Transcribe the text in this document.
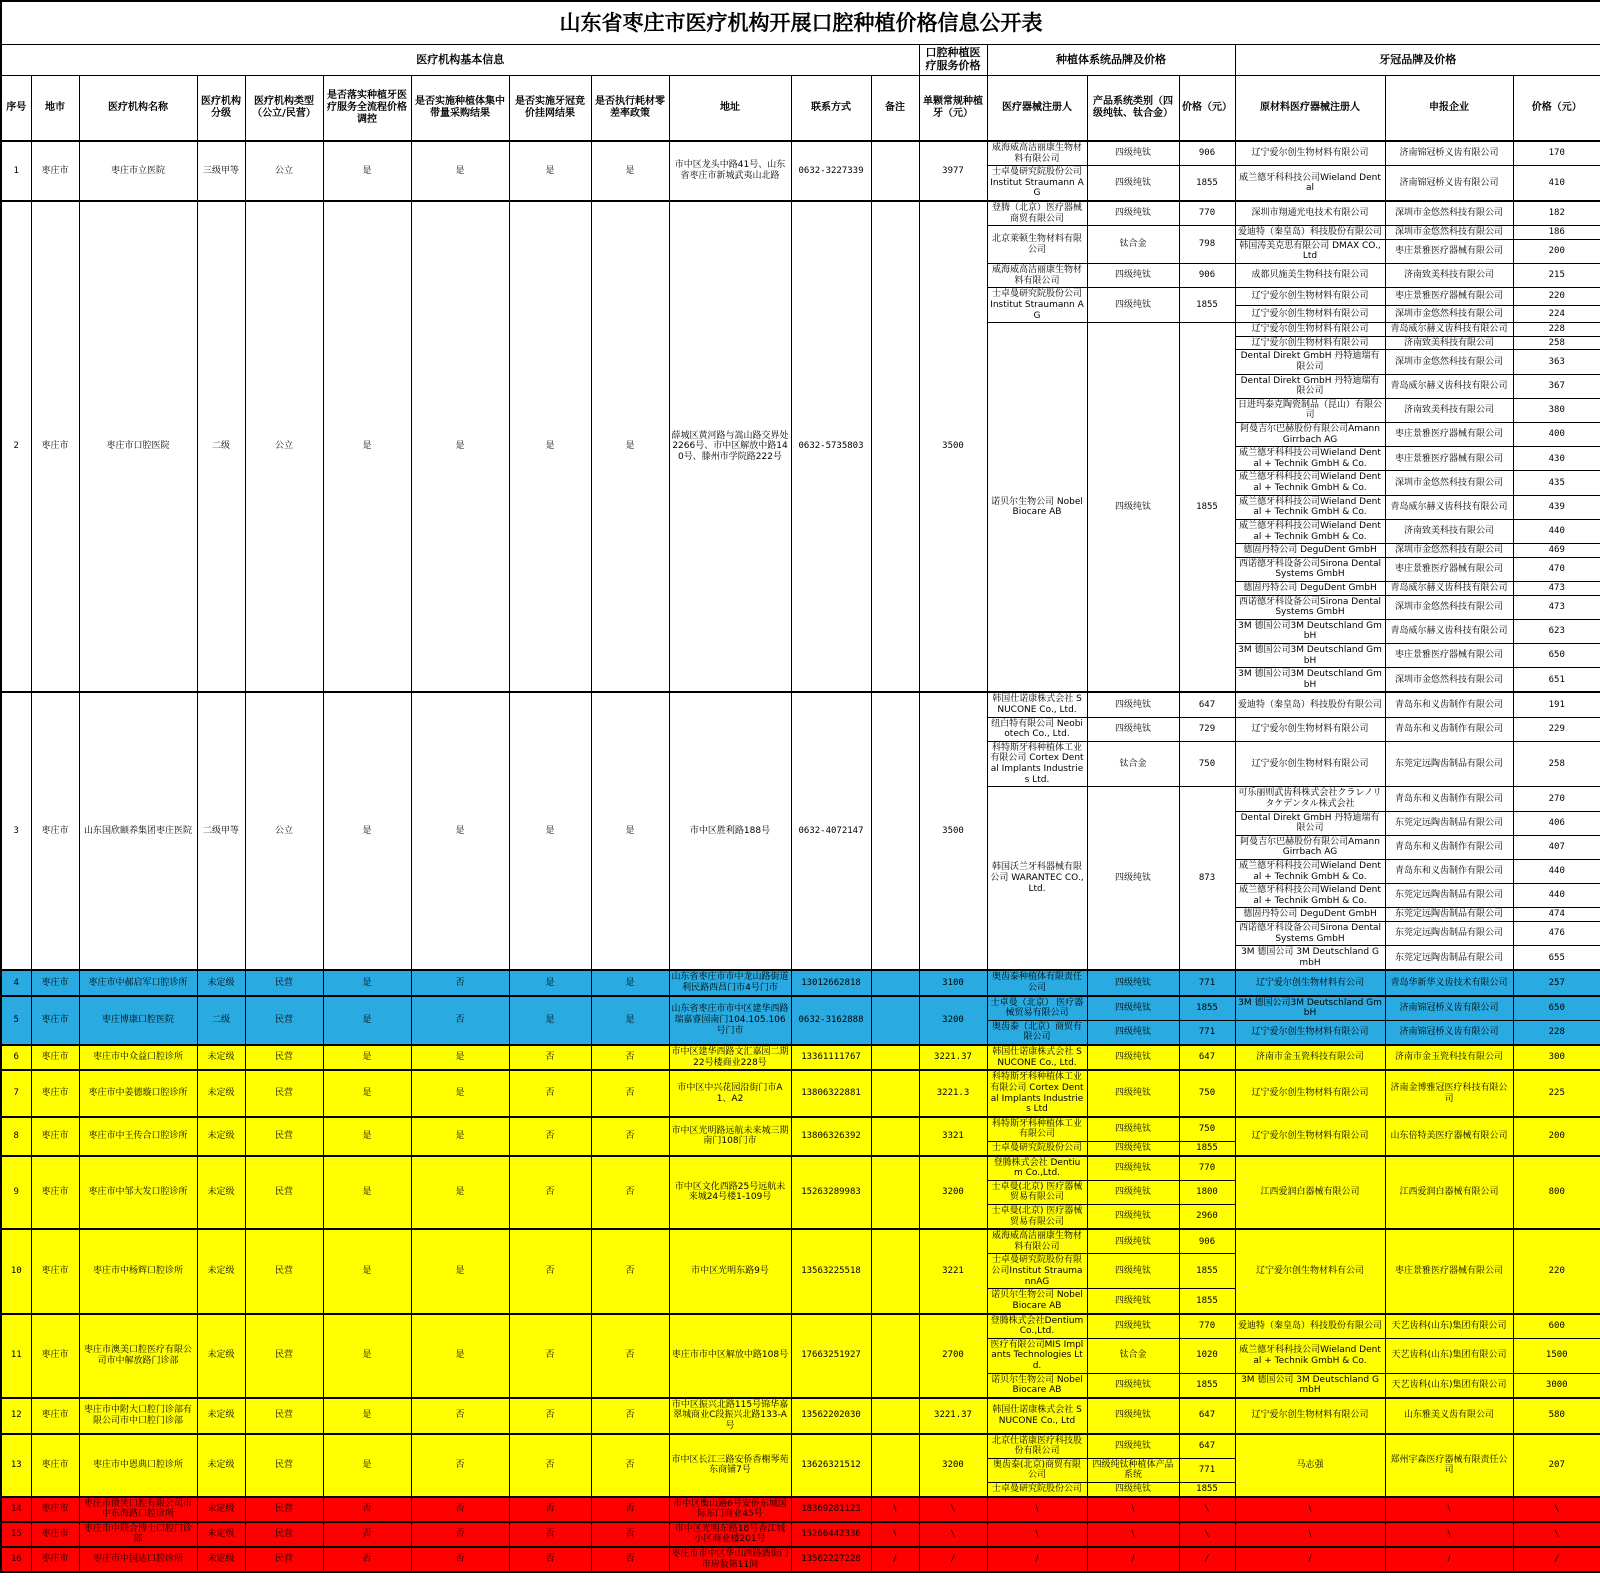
山东省枣庄市医疗机构开展口腔种植价格信息公开表																		
医疗机构基本信息												口腔种植医疗服务价格	种植体系统品牌及价格			牙冠品牌及价格		
序号	地市	医疗机构名称	医疗机构分级	医疗机构类型（公立/民营）	是否落实种植牙医疗服务全流程价格调控	是否实施种植体集中带量采购结果	是否实施牙冠竞价挂网结果	是否执行耗材零差率政策	地址	联系方式	备注	单颗常规种植牙（元）	医疗器械注册人	产品系统类别（四级纯钛、钛合金）	价格（元）	原材料医疗器械注册人	申报企业	价格（元）
1	枣庄市	枣庄市立医院	三级甲等	公立	是	是	是	是	市中区龙头中路41号、山东省枣庄市新城武夷山北路	0632-3227339		3977	威海威高洁丽康生物材料有限公司	四级纯钛	906	辽宁爱尔创生物材料有限公司	济南锦冠桥义齿有限公司	170
													士卓曼研究院股份公司 Institut Straumann AG	四级纯钛	1855	威兰德牙科科技公司Wieland Dental	济南锦冠桥义齿有限公司	410
2	枣庄市	枣庄市口腔医院	二级	公立	是	是	是	是	薛城区黄河路与嵩山路交界处2266号、市中区解放中路140号、滕州市学院路222号	0632-5735803		3500	登腾（北京）医疗器械商贸有限公司	四级纯钛	770	深圳市翔通光电技术有限公司	深圳市金悠然科技有限公司	182
													北京莱顿生物材料有限公司	钛合金	798	爱迪特（秦皇岛）科技股份有限公司	深圳市金悠然科技有限公司	186
																韩国涛美克思有限公司 DMAX CO., Ltd	枣庄景雅医疗器械有限公司	200
													威海威高洁丽康生物材料有限公司	四级纯钛	906	成都贝施美生物科技有限公司	济南致美科技有限公司	215
													士卓曼研究院股份公司 Institut Straumann AG	四级纯钛	1855	辽宁爱尔创生物材料有限公司	枣庄景雅医疗器械有限公司	220
																辽宁爱尔创生物材料有限公司	深圳市金悠然科技有限公司	224
													诺贝尔生物公司 Nobel Biocare AB	四级纯钛	1855	辽宁爱尔创生物材料有限公司	青岛威尔赫义齿科技有限公司	228
																辽宁爱尔创生物材料有限公司	济南致美科技有限公司	258
																Dental Direkt GmbH 丹特迪瑞有限公司	深圳市金悠然科技有限公司	363
																Dental Direkt GmbH 丹特迪瑞有限公司	青岛威尔赫义齿科技有限公司	367
																日进玛泰克陶瓷制品（昆山）有限公司	济南致美科技有限公司	380
																阿曼吉尔巴赫股份有限公司Amann Girrbach AG	枣庄景雅医疗器械有限公司	400
																威兰德牙科科技公司Wieland Dental + Technik GmbH & Co.	枣庄景雅医疗器械有限公司	430
																威兰德牙科科技公司Wieland Dental + Technik GmbH & Co.	深圳市金悠然科技有限公司	435
																威兰德牙科科技公司Wieland Dental + Technik GmbH & Co.	青岛威尔赫义齿科技有限公司	439
																威兰德牙科科技公司Wieland Dental + Technik GmbH & Co.	济南致美科技有限公司	440
																德固丹特公司 DeguDent GmbH	深圳市金悠然科技有限公司	469
																西诺德牙科设备公司Sirona Dental Systems GmbH	枣庄景雅医疗器械有限公司	470
																德固丹特公司 DeguDent GmbH	青岛威尔赫义齿科技有限公司	473
																西诺德牙科设备公司Sirona Dental Systems GmbH	深圳市金悠然科技有限公司	473
																3M 德国公司3M Deutschland GmbH	青岛威尔赫义齿科技有限公司	623
																3M 德国公司3M Deutschland GmbH	枣庄景雅医疗器械有限公司	650
																3M 德国公司3M Deutschland GmbH	深圳市金悠然科技有限公司	651
3	枣庄市	山东国欣颐养集团枣庄医院	二级甲等	公立	是	是	是	是	市中区胜利路188号	0632-4072147		3500	韩国仕诺康株式会社 SNUCONE Co., Ltd.	四级纯钛	647	爱迪特（秦皇岛）科技股份有限公司	青岛东和义齿制作有限公司	191
													纽白特有限公司 Neobiotech Co., Ltd.	四级纯钛	729	辽宁爱尔创生物材料有限公司	青岛东和义齿制作有限公司	229
													科特斯牙科种植体工业有限公司 Cortex Dental Implants Industries Ltd.	钛合金	750	辽宁爱尔创生物材料有限公司	东莞定远陶齿制品有限公司	258
													韩国沃兰牙科器械有限公司 WARANTEC CO.,Ltd.	四级纯钛	873	可乐丽则武齿科株式会社クラレノリタケデンタル株式会社	青岛东和义齿制作有限公司	270
																Dental Direkt GmbH 丹特迪瑞有限公司	东莞定远陶齿制品有限公司	406
																阿曼吉尔巴赫股份有限公司Amann Girrbach AG	青岛东和义齿制作有限公司	407
																威兰德牙科科技公司Wieland Dental + Technik GmbH & Co.	青岛东和义齿制作有限公司	440
																威兰德牙科科技公司Wieland Dental + Technik GmbH & Co.	东莞定远陶齿制品有限公司	440
																德固丹特公司 DeguDent GmbH	东莞定远陶齿制品有限公司	474
																西诺德牙科设备公司Sirona Dental Systems GmbH	东莞定远陶齿制品有限公司	476
																3M 德国公司 3M Deutschland GmbH	东莞定远陶齿制品有限公司	655
4	枣庄市	枣庄市中郝启军口腔诊所	未定级	民营	是	否	是	是	山东省枣庄市市中龙山路街道利民路西昌门市4号门市	13012662818		3100	奥齿泰种植体有限责任公司	四级纯钛	771	辽宁爱尔创生物材料有公司	青岛华新华义齿技术有限公司	257
5	枣庄市	枣庄博康口腔医院	二级	民营	是	否	是	是	山东省枣庄市市中区建华西路瑞嘉睿园南门104.105.106号门市	0632-3162888		3200	士卓曼（北京） 医疗器械贸易有限公司	四级纯钛	1855	3M 德国公司3M Deutschland GmbH	济南锦冠桥义齿有限公司	650
													奥齿泰（北京）商贸有限公司	四级纯钛	771	辽宁爱尔创生物材料有限公司	济南锦冠桥义齿有限公司	228
6	枣庄市	枣庄市中众益口腔诊所	未定级	民营	是	是	否	否	市中区建华西路文汇嘉园二期22号楼商业228号	13361111767		3221.37	韩国仕诺康株式会社 SNUCONE Co., Ltd.	四级纯钛	647	济南市金玉瓷科技有限公司	济南市金玉瓷科技有限公司	300
7	枣庄市	枣庄市中姜德璇口腔诊所	未定级	民营	是	是	否	否	市中区中兴花园沿街门市A1、A2	13806322881		3221.3	科特斯牙科种植体工业有限公司 Cortex Dental Implants Industries Ltd	四级纯钛	750	辽宁爱尔创生物材料有限公司	济南金博雅冠医疗科技有限公司	225
8	枣庄市	枣庄市中王传合口腔诊所	未定级	民营	是	是	否	否	市中区光明路远航未来城三期南门108门市	13806326392		3321	科特斯牙科种植体工业有限公司	四级纯钛	750	辽宁爱尔创生物材料有限公司	山东倍特美医疗器械有限公司	200
													士卓曼研究院股份公司	四级纯钛	1855			
9	枣庄市	枣庄市中邹大发口腔诊所	未定级	民营	是	是	否	否	市中区文化西路25号远航未来城24号楼1-109号	15263289983		3200	登腾株式会社 Dentium Co.,Ltd.	四级纯钛	770	江西爱润白器械有限公司	江西爱润白器械有限公司	800
													士卓曼(北京) 医疗器械贸易有限公司	四级纯钛	1800			
													士卓曼(北京) 医疗器械贸易有限公司	四级纯钛	2960			
10	枣庄市	枣庄市中杨辉口腔诊所	未定级	民营	是	是	否	否	市中区光明东路9号	13563225518		3221	威海威高洁丽康生物材料有限公司	四级纯钛	906	辽宁爱尔创生物材料有公司	枣庄景雅医疗器械有限公司	220
													士卓曼研究院股份有限公司Institut StraumannAG	四级纯钛	1855			
													诺贝尔生物公司 Nobel Biocare AB	四级纯钛	1855			
11	枣庄市	枣庄市澳美口腔医疗有限公司市中解放路门诊部	未定级	民营	是	是	否	否	枣庄市市中区解放中路108号	17663251927		2700	登腾株式会社Dentium Co.,Ltd.	四级纯钛	770	爱迪特（秦皇岛）科技股份有限公司	天艺齿科(山东)集团有限公司	600
													医疗有限公司MIS Implants Technologies Ltd.	钛合金	1020	威兰德牙科科技公司Wieland Dental + Technik GmbH & Co.	天艺齿科(山东)集团有限公司	1500
													诺贝尔生物公司 Nobel Biocare AB	四级纯钛	1855	3M 德国公司 3M Deutschland GmbH	天艺齿科(山东)集团有限公司	3000
12	枣庄市	枣庄市中附大口腔门诊部有限公司市中口腔门诊部	未定级	民营	是	否	否	否	市中区振兴北路115号锦华嘉翠城商业C段振兴北路133-A号	13562202030		3221.37	韩国仕诺康株式会社 SNUCONE Co., Ltd	四级纯钛	647	辽宁爱尔创生物材料有限公司	山东雅美义齿有限公司	580
13	枣庄市	枣庄市中恩典口腔诊所	未定级	民营	是	否	否	否	市中区长江三路安侨香榭琴苑东商铺7号	13626321512		3200	北京仕诺康医疗科技股份有限公司	四级纯钛	647	马志强	郑州宇森医疗器械有限责任公司	207
													奥齿泰(北京)商贸有限公司	四级纯钛种植体产品系统	771			
													士卓曼研究院股份公司	四级纯钛	1855			
14	枣庄市	枣庄市微笑口腔有限公司市中东海路口腔诊所	未定级	民营	否	否	否	否	市中区衡山路6号安侨东城国际东门商业45号	18369281123	\	\	\	\	\	\	\	\
15	枣庄市	枣庄市中联合博士口腔门诊部	未定级	民营	否	否	否	否	市中区光明东路18号香江城小区商业楼201号	15266442336	\	\	\	\	\	\	\	\
16	枣庄市	枣庄市中国达口腔诊所	未定级	民营	否	否	否	否	枣庄市市中区华山西路酒街门市房数第11间	13562227228	/	/	/	/	/	/	/	/
